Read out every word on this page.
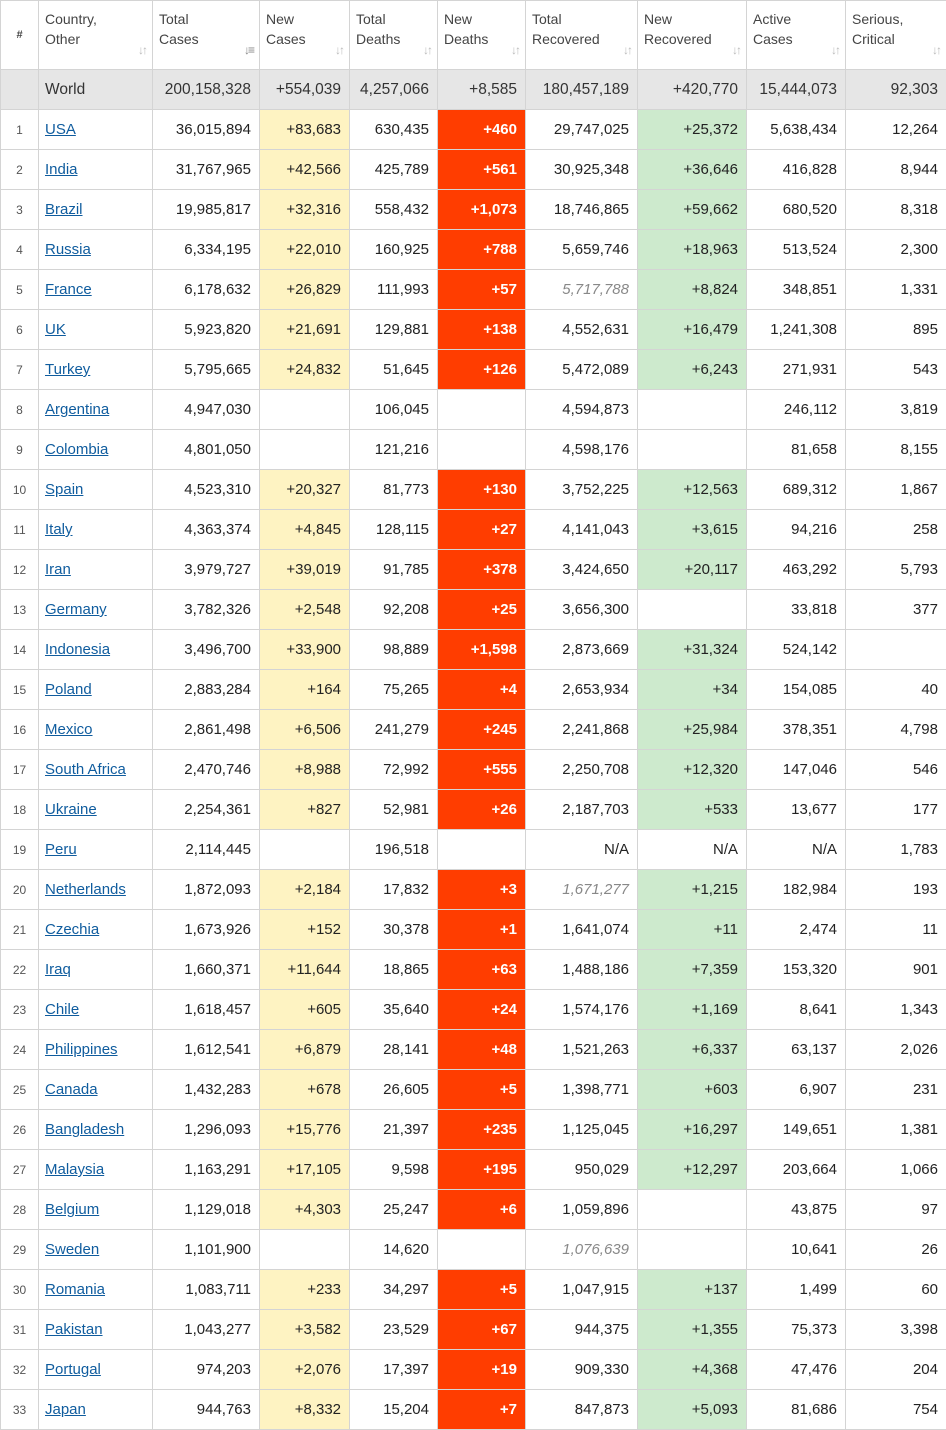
#	Country,
Other
↓↑	Total
Cases
↓≡	New
Cases
↓↑	Total
Deaths
↓↑	New
Deaths
↓↑	Total
Recovered
↓↑	New
Recovered
↓↑	Active
Cases
↓↑	Serious,
Critical
↓↑

	World	200,158,328	+554,039	4,257,066	+8,585	180,457,189	+420,770	15,444,073	92,303
1	USA	36,015,894	+83,683	630,435	+460	29,747,025	+25,372	5,638,434	12,264
2	India	31,767,965	+42,566	425,789	+561	30,925,348	+36,646	416,828	8,944
3	Brazil	19,985,817	+32,316	558,432	+1,073	18,746,865	+59,662	680,520	8,318
4	Russia	6,334,195	+22,010	160,925	+788	5,659,746	+18,963	513,524	2,300
5	France	6,178,632	+26,829	111,993	+57	5,717,788	+8,824	348,851	1,331
6	UK	5,923,820	+21,691	129,881	+138	4,552,631	+16,479	1,241,308	895
7	Turkey	5,795,665	+24,832	51,645	+126	5,472,089	+6,243	271,931	543
8	Argentina	4,947,030		106,045		4,594,873		246,112	3,819
9	Colombia	4,801,050		121,216		4,598,176		81,658	8,155
10	Spain	4,523,310	+20,327	81,773	+130	3,752,225	+12,563	689,312	1,867
11	Italy	4,363,374	+4,845	128,115	+27	4,141,043	+3,615	94,216	258
12	Iran	3,979,727	+39,019	91,785	+378	3,424,650	+20,117	463,292	5,793
13	Germany	3,782,326	+2,548	92,208	+25	3,656,300		33,818	377
14	Indonesia	3,496,700	+33,900	98,889	+1,598	2,873,669	+31,324	524,142	
15	Poland	2,883,284	+164	75,265	+4	2,653,934	+34	154,085	40
16	Mexico	2,861,498	+6,506	241,279	+245	2,241,868	+25,984	378,351	4,798
17	South Africa	2,470,746	+8,988	72,992	+555	2,250,708	+12,320	147,046	546
18	Ukraine	2,254,361	+827	52,981	+26	2,187,703	+533	13,677	177
19	Peru	2,114,445		196,518		N/A	N/A	N/A	1,783
20	Netherlands	1,872,093	+2,184	17,832	+3	1,671,277	+1,215	182,984	193
21	Czechia	1,673,926	+152	30,378	+1	1,641,074	+11	2,474	11
22	Iraq	1,660,371	+11,644	18,865	+63	1,488,186	+7,359	153,320	901
23	Chile	1,618,457	+605	35,640	+24	1,574,176	+1,169	8,641	1,343
24	Philippines	1,612,541	+6,879	28,141	+48	1,521,263	+6,337	63,137	2,026
25	Canada	1,432,283	+678	26,605	+5	1,398,771	+603	6,907	231
26	Bangladesh	1,296,093	+15,776	21,397	+235	1,125,045	+16,297	149,651	1,381
27	Malaysia	1,163,291	+17,105	9,598	+195	950,029	+12,297	203,664	1,066
28	Belgium	1,129,018	+4,303	25,247	+6	1,059,896		43,875	97
29	Sweden	1,101,900		14,620		1,076,639		10,641	26
30	Romania	1,083,711	+233	34,297	+5	1,047,915	+137	1,499	60
31	Pakistan	1,043,277	+3,582	23,529	+67	944,375	+1,355	75,373	3,398
32	Portugal	974,203	+2,076	17,397	+19	909,330	+4,368	47,476	204
33	Japan	944,763	+8,332	15,204	+7	847,873	+5,093	81,686	754
